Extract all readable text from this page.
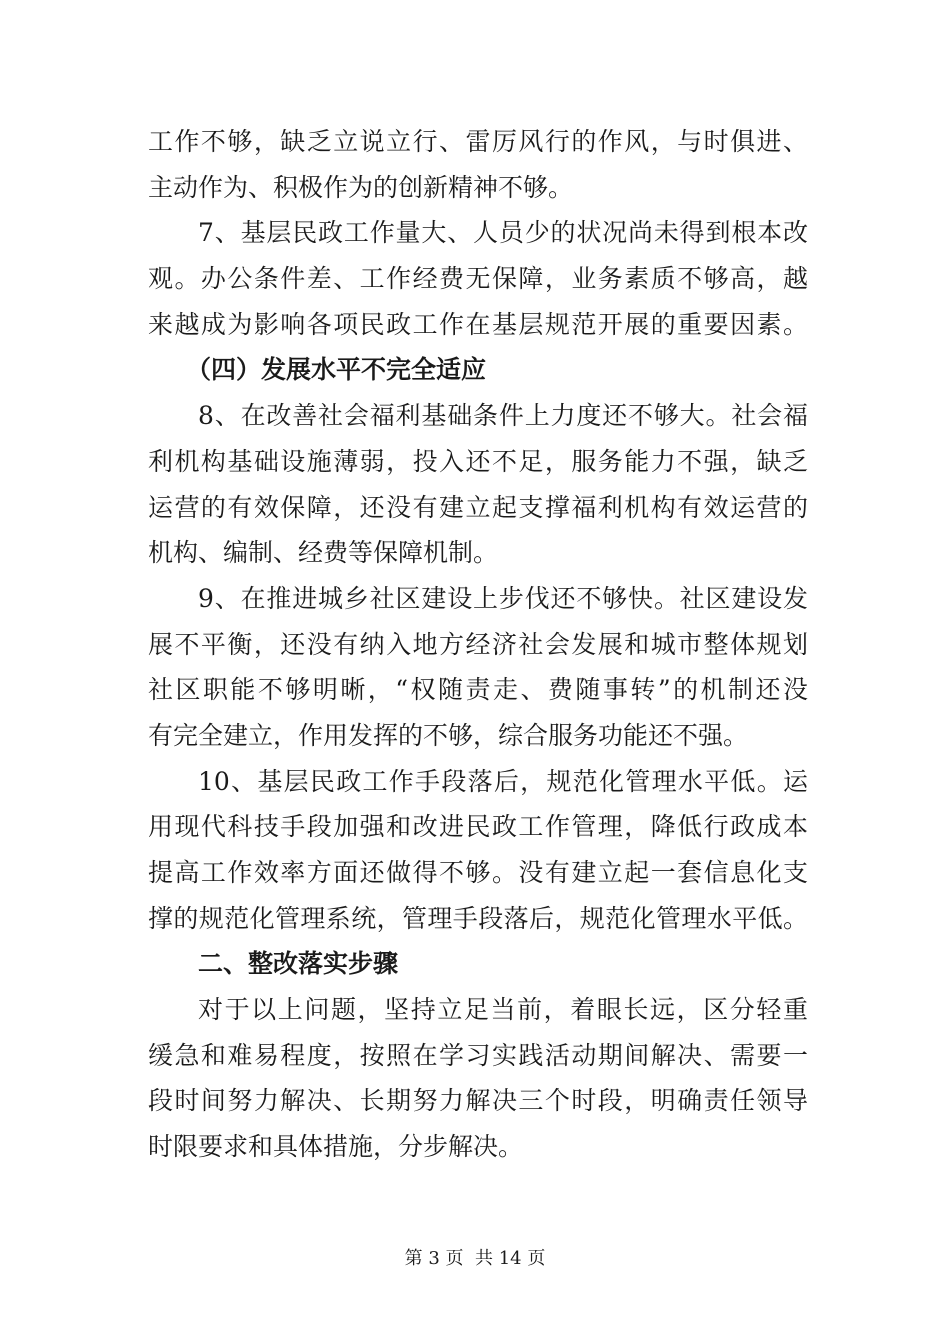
工作不够，缺乏立说立行、雷厉风行的作风，与时俱进、
主动作为、积极作为的创新精神不够。
7、基层民政工作量大、人员少的状况尚未得到根本改
观。办公条件差、工作经费无保障，业务素质不够高，越
来越成为影响各项民政工作在基层规范开展的重要因素。
（四）发展水平不完全适应
8、在改善社会福利基础条件上力度还不够大。社会福
利机构基础设施薄弱，投入还不足，服务能力不强，缺乏
运营的有效保障，还没有建立起支撑福利机构有效运营的
机构、编制、经费等保障机制。
9、在推进城乡社区建设上步伐还不够快。社区建设发
展不平衡，还没有纳入地方经济社会发展和城市整体规划
社区职能不够明晰，“权随责走、费随事转”的机制还没
有完全建立，作用发挥的不够，综合服务功能还不强。
10、基层民政工作手段落后，规范化管理水平低。运
用现代科技手段加强和改进民政工作管理，降低行政成本
提高工作效率方面还做得不够。没有建立起一套信息化支
撑的规范化管理系统，管理手段落后，规范化管理水平低。
二、整改落实步骤
对于以上问题，坚持立足当前，着眼长远，区分轻重
缓急和难易程度，按照在学习实践活动期间解决、需要一
段时间努力解决、长期努力解决三个时段，明确责任领导
时限要求和具体措施，分步解决。
第 3 页  共 14 页
